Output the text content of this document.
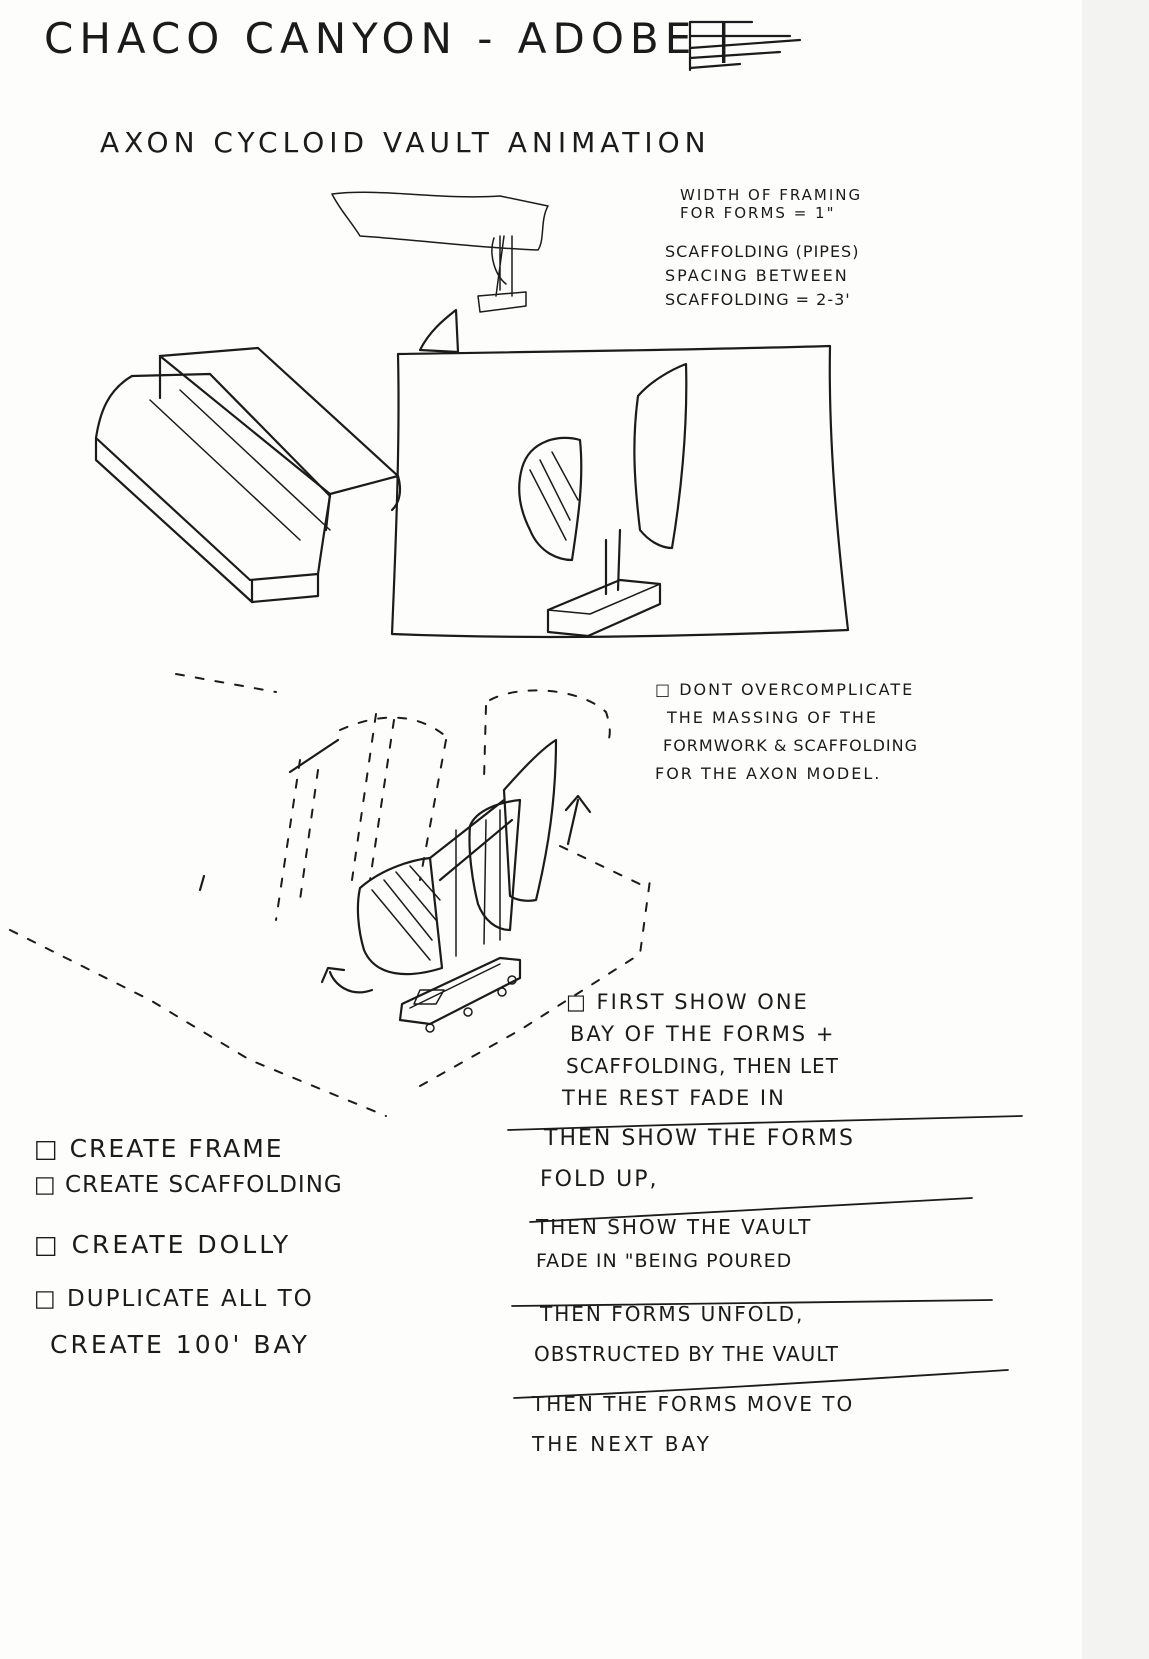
CHACO CANYON - ADOBE |
AXON CYCLOID VAULT ANIMATION
WIDTH OF FRAMING
FOR FORMS = 1"
SCAFFOLDING (PIPES)
SPACING BETWEEN
SCAFFOLDING = 2-3'
□ DONT OVERCOMPLICATE
THE MASSING OF THE
FORMWORK & SCAFFOLDING
FOR THE AXON MODEL.
□ CREATE FRAME
□ CREATE SCAFFOLDING
□ CREATE DOLLY
□ DUPLICATE ALL TO
CREATE 100' BAY
□ FIRST SHOW ONE
BAY OF THE FORMS +
SCAFFOLDING, THEN LET
THE REST FADE IN
THEN SHOW THE FORMS
FOLD UP,
THEN SHOW THE VAULT
FADE IN "BEING POURED
THEN FORMS UNFOLD,
OBSTRUCTED BY THE VAULT
THEN THE FORMS MOVE TO
THE NEXT BAY
